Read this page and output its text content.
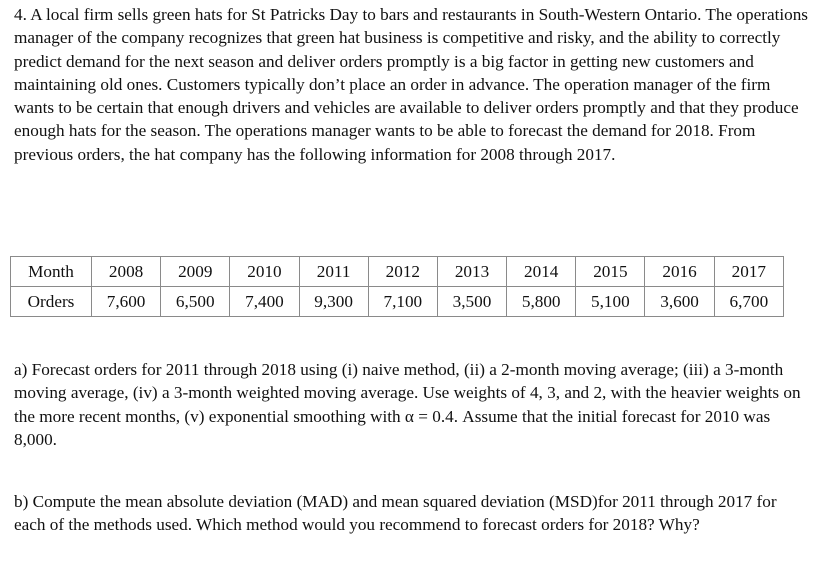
4. A local firm sells green hats for St Patricks Day to bars and restaurants in South-Western Ontario. The operations manager of the company recognizes that green hat business is competitive and risky, and the ability to correctly predict demand for the next season and deliver orders promptly is a big factor in getting new customers and maintaining old ones. Customers typically don’t place an order in advance. The operation manager of the firm wants to be certain that enough drivers and vehicles are available to deliver orders promptly and that they produce enough hats for the season. The operations manager wants to be able to forecast the demand for 2018. From previous orders, the hat company has the following information for 2008 through 2017.

Month	2008	2009	2010	2011	2012	2013	2014	2015	2016	2017
Orders	7,600	6,500	7,400	9,300	7,100	3,500	5,800	5,100	3,600	6,700

a) Forecast orders for 2011 through 2018 using (i) naive method, (ii) a 2-month moving average; (iii) a 3-month moving average, (iv) a 3-month weighted moving average. Use weights of 4, 3, and 2, with the heavier weights on the more recent months, (v) exponential smoothing with α = 0.4. Assume that the initial forecast for 2010 was 8,000.

b) Compute the mean absolute deviation (MAD) and mean squared deviation (MSD)for 2011 through 2017 for each of the methods used. Which method would you recommend to forecast orders for 2018? Why?
